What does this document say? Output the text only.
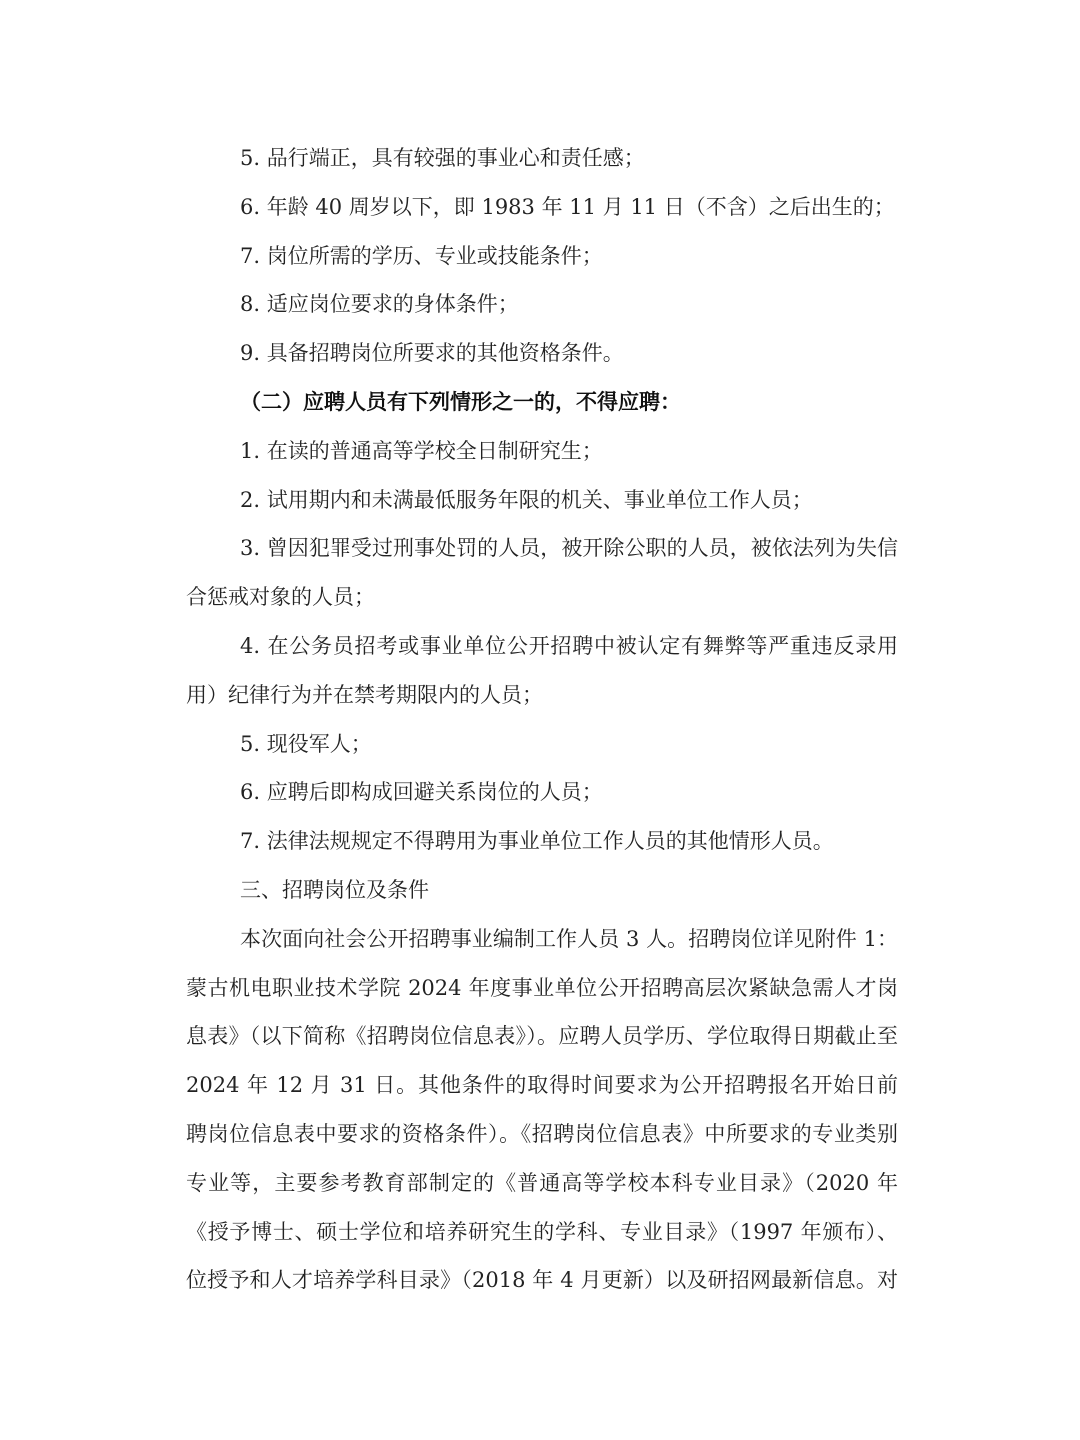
5. 品行端正，具有较强的事业心和责任感；
6. 年龄 40 周岁以下，即 1983 年 11 月 11 日（不含）之后出生的；
7. 岗位所需的学历、专业或技能条件；
8. 适应岗位要求的身体条件；
9. 具备招聘岗位所要求的其他资格条件。
（二）应聘人员有下列情形之一的，不得应聘：
1. 在读的普通高等学校全日制研究生；
2. 试用期内和未满最低服务年限的机关、事业单位工作人员；
3. 曾因犯罪受过刑事处罚的人员，被开除公职的人员，被依法列为失信
合惩戒对象的人员；
4. 在公务员招考或事业单位公开招聘中被认定有舞弊等严重违反录用
用）纪律行为并在禁考期限内的人员；
5. 现役军人；
6. 应聘后即构成回避关系岗位的人员；
7. 法律法规规定不得聘用为事业单位工作人员的其他情形人员。
三、招聘岗位及条件
本次面向社会公开招聘事业编制工作人员 3 人。招聘岗位详见附件 1：
蒙古机电职业技术学院 2024 年度事业单位公开招聘高层次紧缺急需人才岗
息表》（以下简称《招聘岗位信息表》）。应聘人员学历、学位取得日期截止至
2024 年 12 月 31 日。其他条件的取得时间要求为公开招聘报名开始日前
聘岗位信息表中要求的资格条件）。《招聘岗位信息表》中所要求的专业类别
专业等，主要参考教育部制定的《普通高等学校本科专业目录》（2020 年
《授予博士、硕士学位和培养研究生的学科、专业目录》（1997 年颁布）、
位授予和人才培养学科目录》（2018 年 4 月更新）以及研招网最新信息。对
